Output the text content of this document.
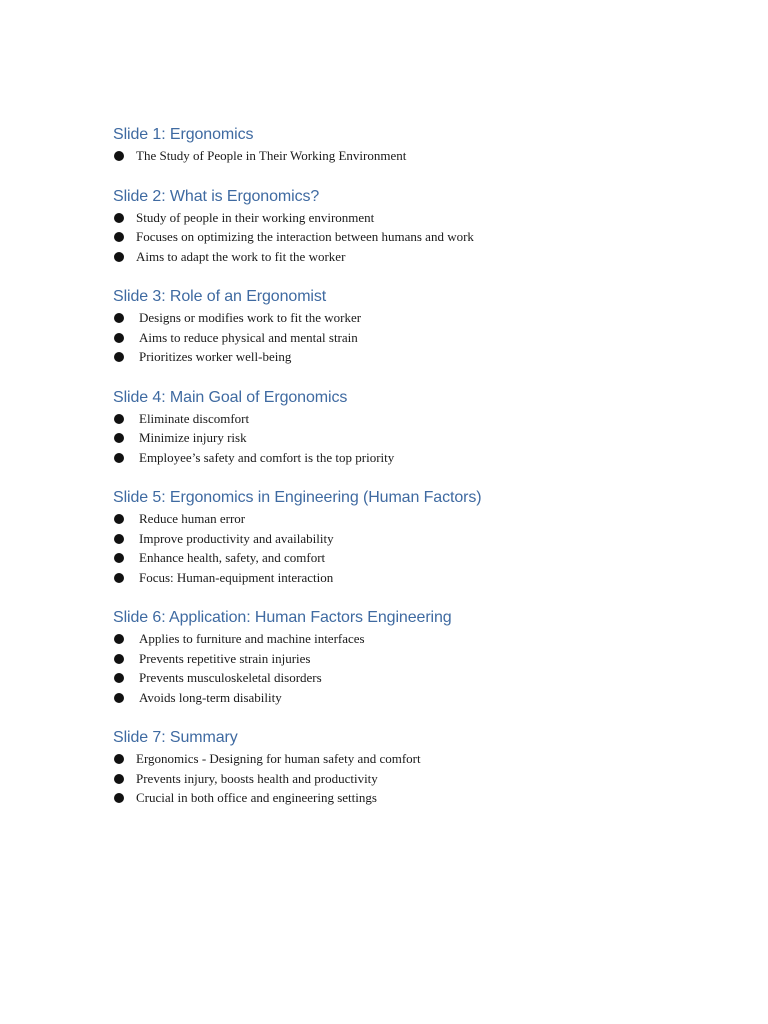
Slide 1: Ergonomics
The Study of People in Their Working Environment
Slide 2: What is Ergonomics?
Study of people in their working environment
Focuses on optimizing the interaction between humans and work
Aims to adapt the work to fit the worker
Slide 3: Role of an Ergonomist
Designs or modifies work to fit the worker
Aims to reduce physical and mental strain
Prioritizes worker well-being
Slide 4: Main Goal of Ergonomics
Eliminate discomfort
Minimize injury risk
Employee’s safety and comfort is the top priority
Slide 5: Ergonomics in Engineering (Human Factors)
Reduce human error
Improve productivity and availability
Enhance health, safety, and comfort
Focus: Human-equipment interaction
Slide 6: Application: Human Factors Engineering
Applies to furniture and machine interfaces
Prevents repetitive strain injuries
Prevents musculoskeletal disorders
Avoids long-term disability
Slide 7: Summary
Ergonomics - Designing for human safety and comfort
Prevents injury, boosts health and productivity
Crucial in both office and engineering settings
